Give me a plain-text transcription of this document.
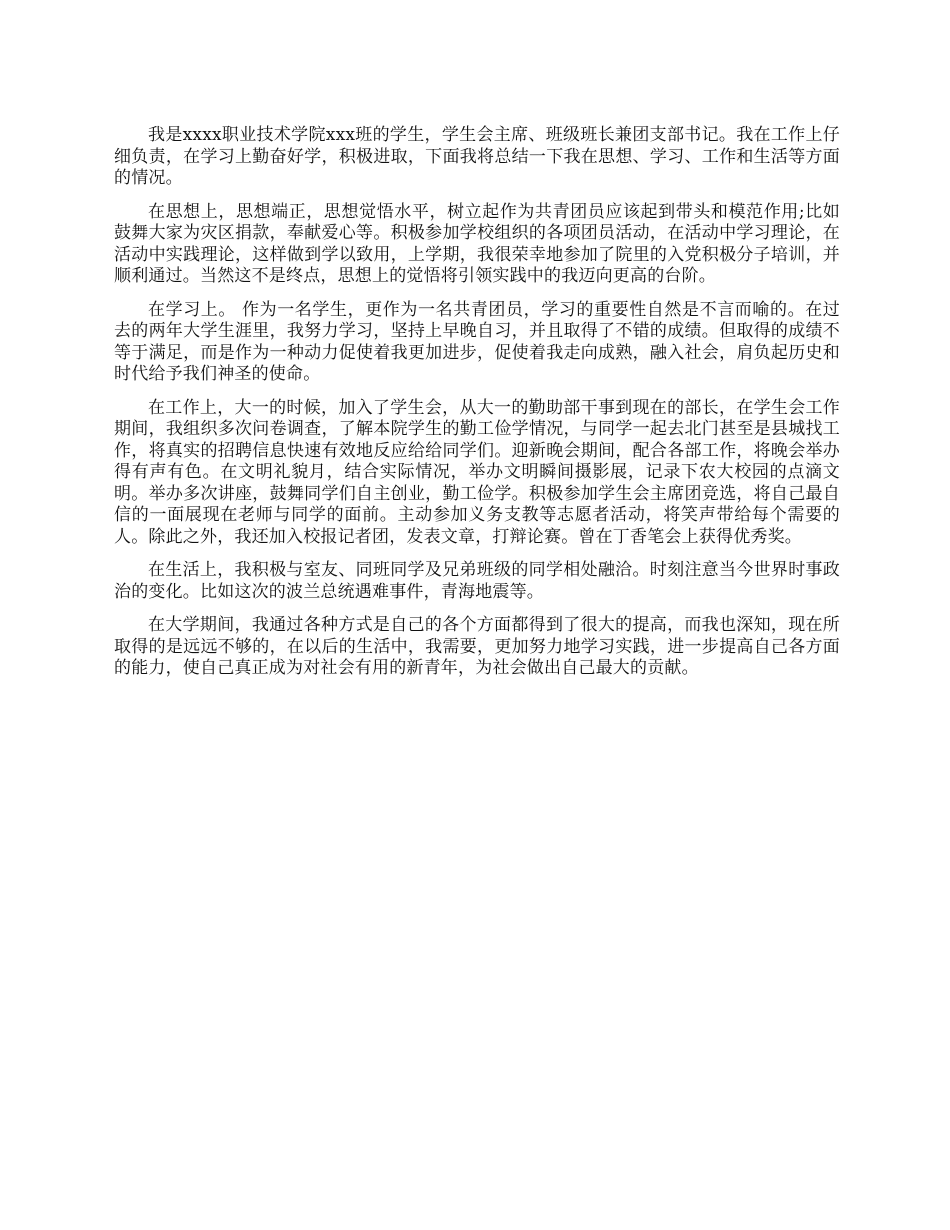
我是xxxx职业技术学院xxx班的学生，学生会主席、班级班长兼团支部书记。我在工作上仔细负责，在学习上勤奋好学，积极进取，下面我将总结一下我在思想、学习、工作和生活等方面的情况。

在思想上，思想端正，思想觉悟水平，树立起作为共青团员应该起到带头和模范作用;比如鼓舞大家为灾区捐款，奉献爱心等。积极参加学校组织的各项团员活动，在活动中学习理论，在活动中实践理论，这样做到学以致用，上学期，我很荣幸地参加了院里的入党积极分子培训，并顺利通过。当然这不是终点，思想上的觉悟将引领实践中的我迈向更高的台阶。

在学习上。 作为一名学生，更作为一名共青团员，学习的重要性自然是不言而喻的。在过去的两年大学生涯里，我努力学习，坚持上早晚自习，并且取得了不错的成绩。但取得的成绩不等于满足，而是作为一种动力促使着我更加进步，促使着我走向成熟，融入社会，肩负起历史和时代给予我们神圣的使命。

在工作上，大一的时候，加入了学生会，从大一的勤助部干事到现在的部长，在学生会工作期间，我组织多次问卷调查，了解本院学生的勤工俭学情况，与同学一起去北门甚至是县城找工作，将真实的招聘信息快速有效地反应给给同学们。迎新晚会期间，配合各部工作，将晚会举办得有声有色。在文明礼貌月，结合实际情况，举办文明瞬间摄影展，记录下农大校园的点滴文明。举办多次讲座，鼓舞同学们自主创业，勤工俭学。积极参加学生会主席团竞选，将自己最自信的一面展现在老师与同学的面前。主动参加义务支教等志愿者活动，将笑声带给每个需要的人。除此之外，我还加入校报记者团，发表文章，打辩论赛。曾在丁香笔会上获得优秀奖。

在生活上，我积极与室友、同班同学及兄弟班级的同学相处融洽。时刻注意当今世界时事政治的变化。比如这次的波兰总统遇难事件，青海地震等。

在大学期间，我通过各种方式是自己的各个方面都得到了很大的提高，而我也深知，现在所取得的是远远不够的，在以后的生活中，我需要，更加努力地学习实践，进一步提高自己各方面的能力，使自己真正成为对社会有用的新青年，为社会做出自己最大的贡献。
